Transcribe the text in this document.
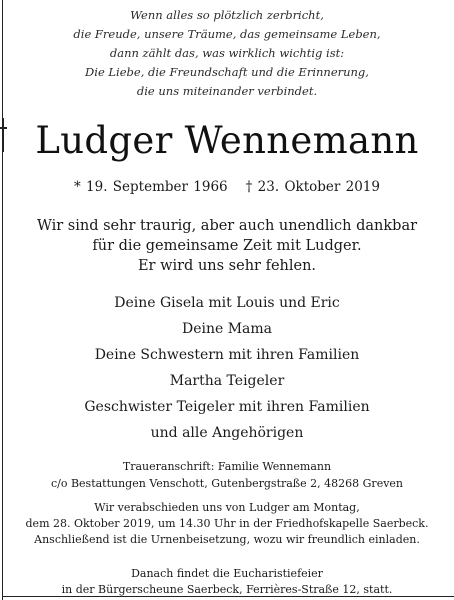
Wenn alles so plötzlich zerbricht,
die Freude, unsere Träume, das gemeinsame Leben,
dann zählt das, was wirklich wichtig ist:
Die Liebe, die Freundschaft und die Erinnerung,
die uns miteinander verbindet.
Ludger Wennemann
* 19. September 1966 † 23. Oktober 2019
Wir sind sehr traurig, aber auch unendlich dankbar
für die gemeinsame Zeit mit Ludger.
Er wird uns sehr fehlen.
Deine Gisela mit Louis und Eric
Deine Mama
Deine Schwestern mit ihren Familien
Martha Teigeler
Geschwister Teigeler mit ihren Familien
und alle Angehörigen
Traueranschrift: Familie Wennemann
c/o Bestattungen Venschott, Gutenbergstraße 2, 48268 Greven
Wir verabschieden uns von Ludger am Montag,
dem 28. Oktober 2019, um 14.30 Uhr in der Friedhofskapelle Saerbeck.
Anschließend ist die Urnenbeisetzung, wozu wir freundlich einladen.
Danach findet die Eucharistiefeier
in der Bürgerscheune Saerbeck, Ferrières-Straße 12, statt.
